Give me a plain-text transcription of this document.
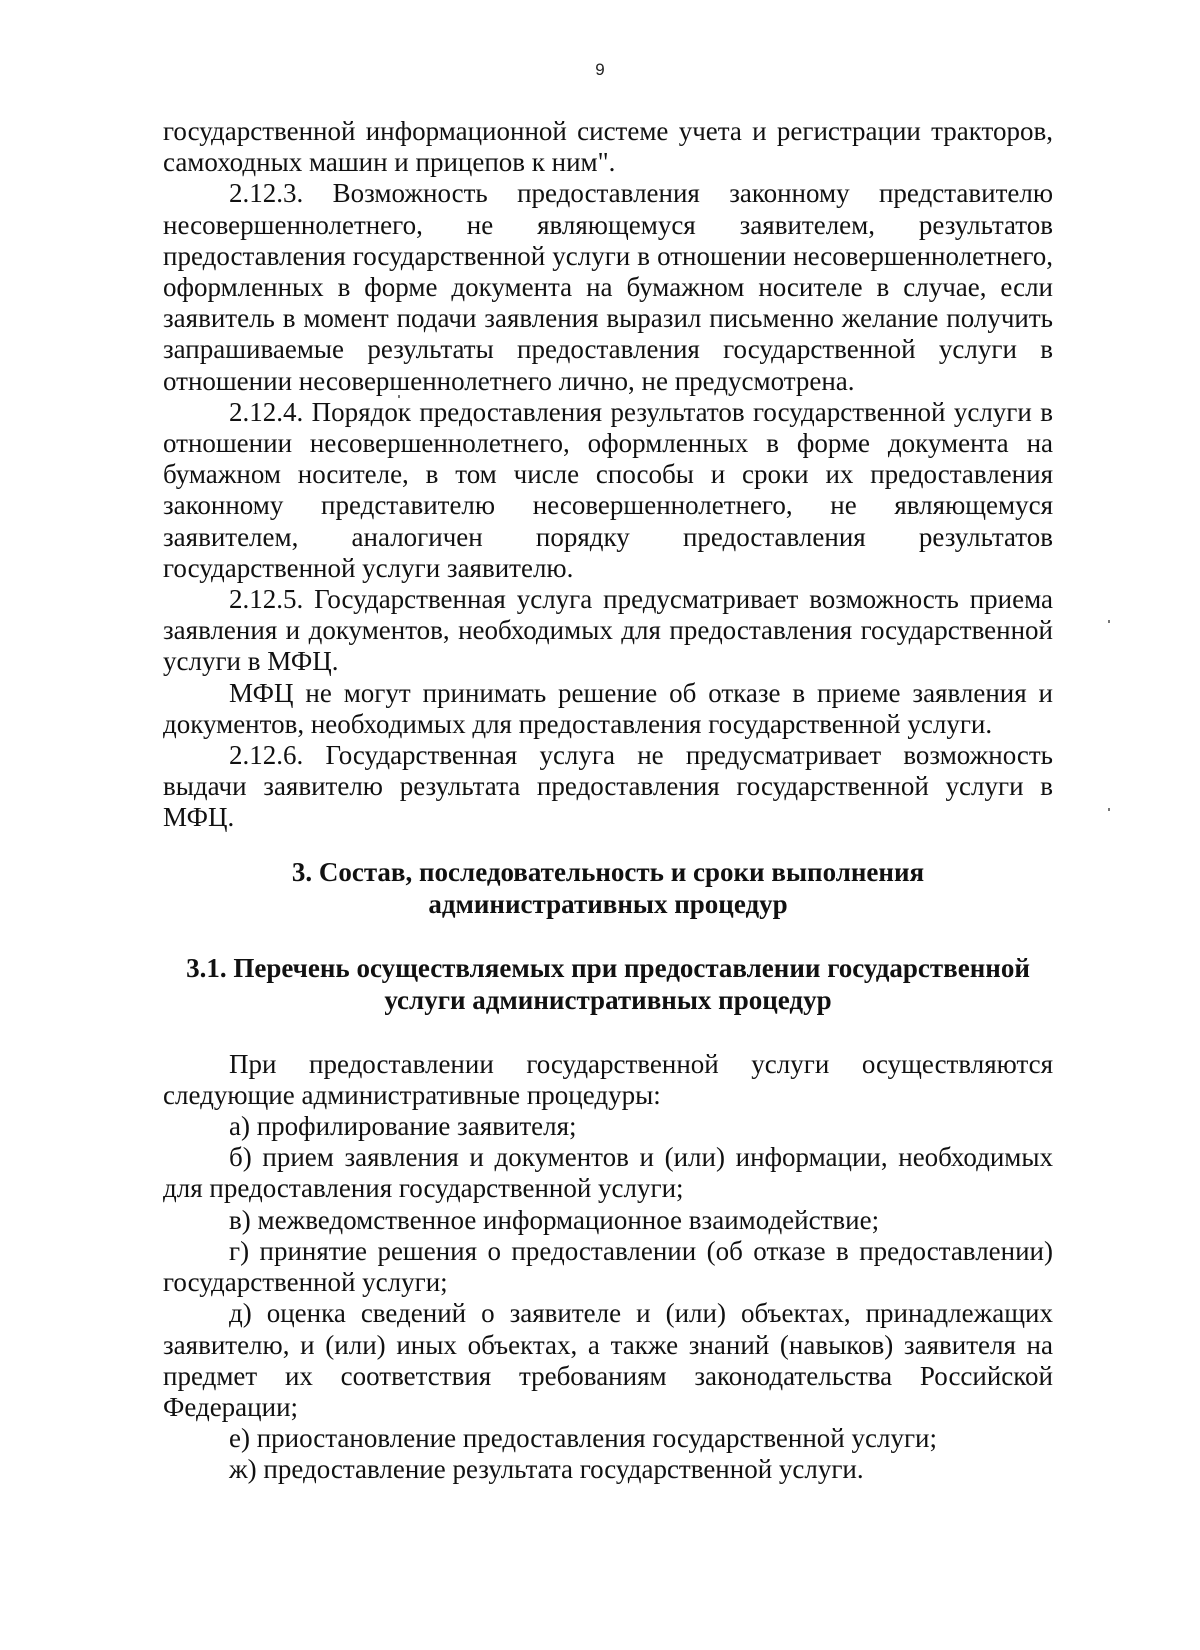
9

государственной информационной системе учета и регистрации тракторов, самоходных машин и прицепов к ним".

2.12.3. Возможность предоставления законному представителю несовершеннолетнего, не являющемуся заявителем, результатов предоставления государственной услуги в отношении несовершеннолетнего, оформленных в форме документа на бумажном носителе в случае, если заявитель в момент подачи заявления выразил письменно желание получить запрашиваемые результаты предоставления государственной услуги в отношении несовершеннолетнего лично, не предусмотрена.

2.12.4. Порядок предоставления результатов государственной услуги в отношении несовершеннолетнего, оформленных в форме документа на бумажном носителе, в том числе способы и сроки их предоставления законному представителю несовершеннолетнего, не являющемуся заявителем, аналогичен порядку предоставления результатов государственной услуги заявителю.

2.12.5. Государственная услуга предусматривает возможность приема заявления и документов, необходимых для предоставления государственной услуги в МФЦ.

МФЦ не могут принимать решение об отказе в приеме заявления и документов, необходимых для предоставления государственной услуги.

2.12.6. Государственная услуга не предусматривает возможность выдачи заявителю результата предоставления государственной услуги в МФЦ.

3. Состав, последовательность и сроки выполнения
административных процедур

3.1. Перечень осуществляемых при предоставлении государственной
услуги административных процедур

При предоставлении государственной услуги осуществляются следующие административные процедуры:

а) профилирование заявителя;

б) прием заявления и документов и (или) информации, необходимых для предоставления государственной услуги;

в) межведомственное информационное взаимодействие;

г) принятие решения о предоставлении (об отказе в предоставлении) государственной услуги;

д) оценка сведений о заявителе и (или) объектах, принадлежащих заявителю, и (или) иных объектах, а также знаний (навыков) заявителя на предмет их соответствия требованиям законодательства Российской Федерации;

е) приостановление предоставления государственной услуги;

ж) предоставление результата государственной услуги.
